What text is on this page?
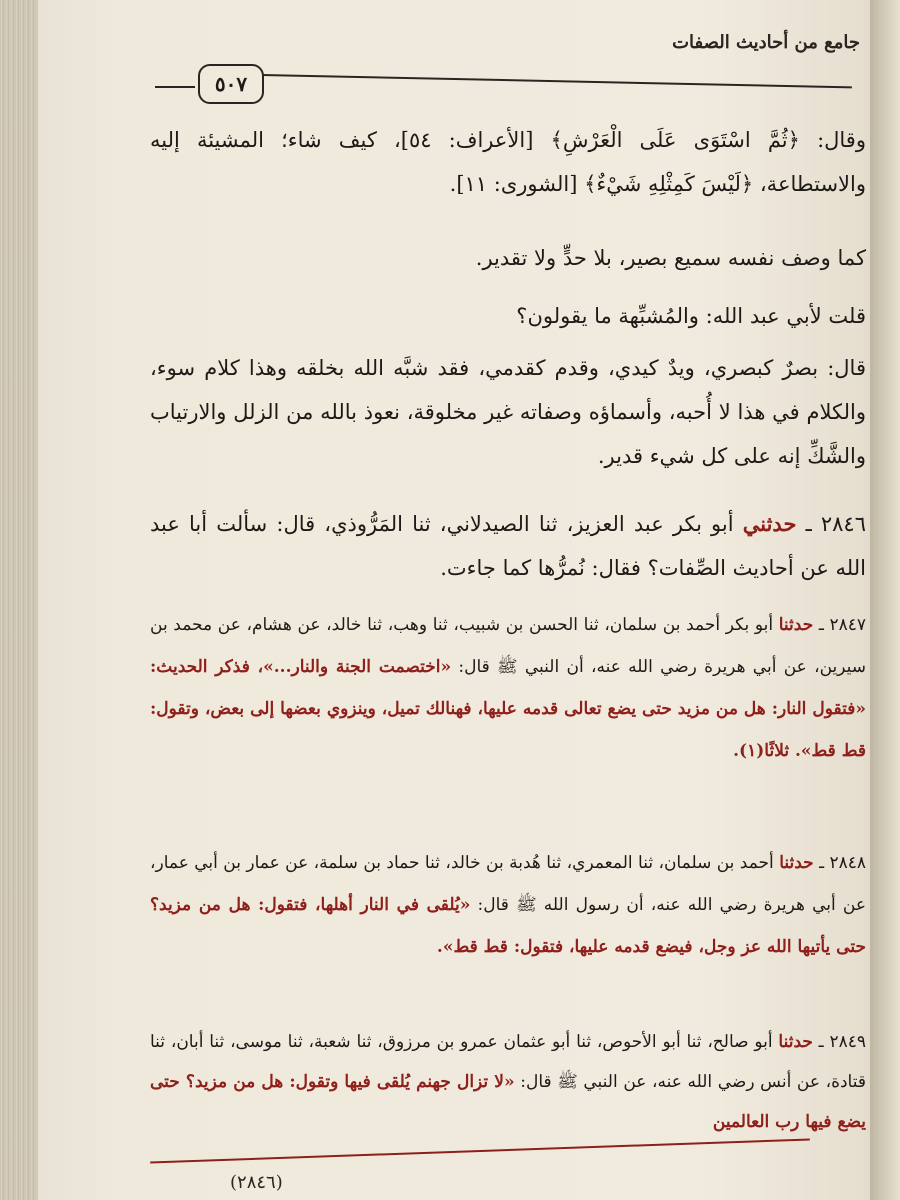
جامع من أحاديث الصفات
٥٠٧
وقال: ﴿ثُمَّ اسْتَوَى عَلَى الْعَرْشِ﴾ [الأعراف: ٥٤]، كيف شاء؛ المشيئة إليه والاستطاعة، ﴿لَيْسَ كَمِثْلِهِ شَيْءٌ﴾ [الشورى: ١١].
كما وصف نفسه سميع بصير، بلا حدٍّ ولا تقدير.
قلت لأبي عبد الله: والمُشبِّهة ما يقولون؟
قال: بصرٌ كبصري، ويدٌ كيدي، وقدم كقدمي، فقد شبَّه الله بخلقه وهذا كلام سوء، والكلام في هذا لا أُحبه، وأسماؤه وصفاته غير مخلوقة، نعوذ بالله من الزلل والارتياب والشَّكِّ إنه على كل شيء قدير.
٢٨٤٦ ـ حدثني أبو بكر عبد العزيز، ثنا الصيدلاني، ثنا المَرُّوذي، قال: سألت أبا عبد الله عن أحاديث الصِّفات؟ فقال: نُمرُّها كما جاءت.
٢٨٤٧ ـ حدثنا أبو بكر أحمد بن سلمان، ثنا الحسن بن شبيب، ثنا وهب، ثنا خالد، عن هشام، عن محمد بن سيرين، عن أبي هريرة رضي الله عنه، أن النبي ﷺ قال: «اختصمت الجنة والنار...»، فذكر الحديث: «فتقول النار: هل من مزيد حتى يضع تعالى قدمه عليها، فهنالك تميل، وينزوي بعضها إلى بعض، وتقول: قط قط». ثلاثًا(١).
٢٨٤٨ ـ حدثنا أحمد بن سلمان، ثنا المعمري، ثنا هُدبة بن خالد، ثنا حماد بن سلمة، عن عمار بن أبي عمار، عن أبي هريرة رضي الله عنه، أن رسول الله ﷺ قال: «يُلقى في النار أهلها، فتقول: هل من مزيد؟ حتى يأتيها الله عز وجل، فيضع قدمه عليها، فتقول: قط قط».
٢٨٤٩ ـ حدثنا أبو صالح، ثنا أبو الأحوص، ثنا أبو عثمان عمرو بن مرزوق، ثنا شعبة، ثنا موسى، ثنا أبان، ثنا قتادة، عن أنس رضي الله عنه، عن النبي ﷺ قال: «لا تزال جهنم يُلقى فيها وتقول: هل من مزيد؟ حتى يضع فيها رب العالمين
(٢٨٤٦)
